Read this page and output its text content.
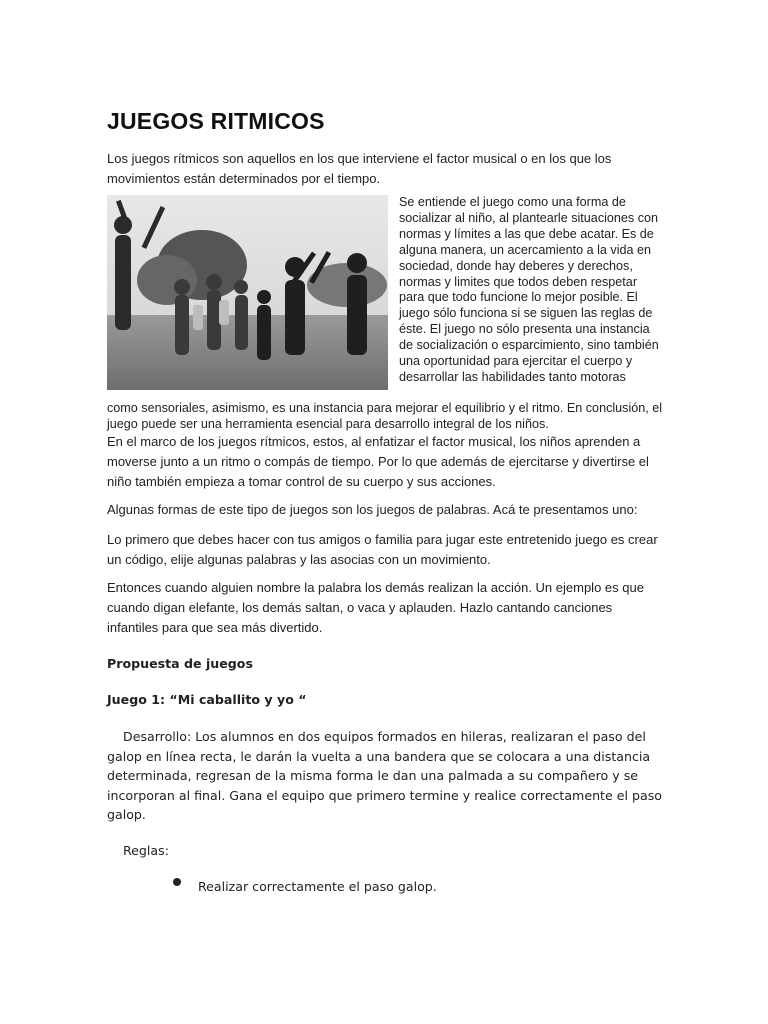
JUEGOS RITMICOS

Los juegos rítmicos son aquellos en los que interviene el factor musical o en los que los movimientos están determinados por el tiempo.

Se entiende el juego como una forma de socializar al niño, al plantearle situaciones con normas y límites a las que debe acatar. Es de alguna manera, un acercamiento a la vida en sociedad, donde hay deberes y derechos, normas y limites que todos deben respetar para que todo funcione lo mejor posible. El juego sólo funciona si se siguen las reglas de éste. El juego no sólo presenta una instancia de socialización o esparcimiento, sino también una oportunidad para ejercitar el cuerpo y desarrollar las habilidades tanto motoras

como sensoriales, asimismo, es una instancia para mejorar el equilibrio y el ritmo. En conclusión, el juego puede ser una herramienta esencial para desarrollo integral de los niños.

En el marco de los juegos rítmicos, estos, al enfatizar el factor musical, los niños aprenden a moverse junto a un ritmo o compás de tiempo. Por lo que además de ejercitarse y divertirse el niño también empieza a tomar control de su cuerpo y sus acciones.

Algunas formas de este tipo de juegos son los juegos de palabras. Acá te presentamos uno:

Lo primero que debes hacer con tus amigos o familia para jugar este entretenido juego es crear un código, elije algunas palabras y las asocias con un movimiento.

Entonces cuando alguien nombre la palabra los demás realizan la acción. Un ejemplo es que cuando digan elefante, los demás saltan, o vaca y aplauden. Hazlo cantando canciones infantiles para que sea más divertido.

Propuesta de juegos

Juego 1: “Mi caballito y yo “

Desarrollo: Los alumnos en dos equipos formados en hileras, realizaran el paso del galop en línea recta, le darán la vuelta a una bandera que se colocara a una distancia determinada, regresan de la misma forma le dan una palmada a su compañero y se incorporan al final. Gana el equipo que primero termine y realice correctamente el paso galop.

Reglas:

Realizar correctamente el paso galop.
